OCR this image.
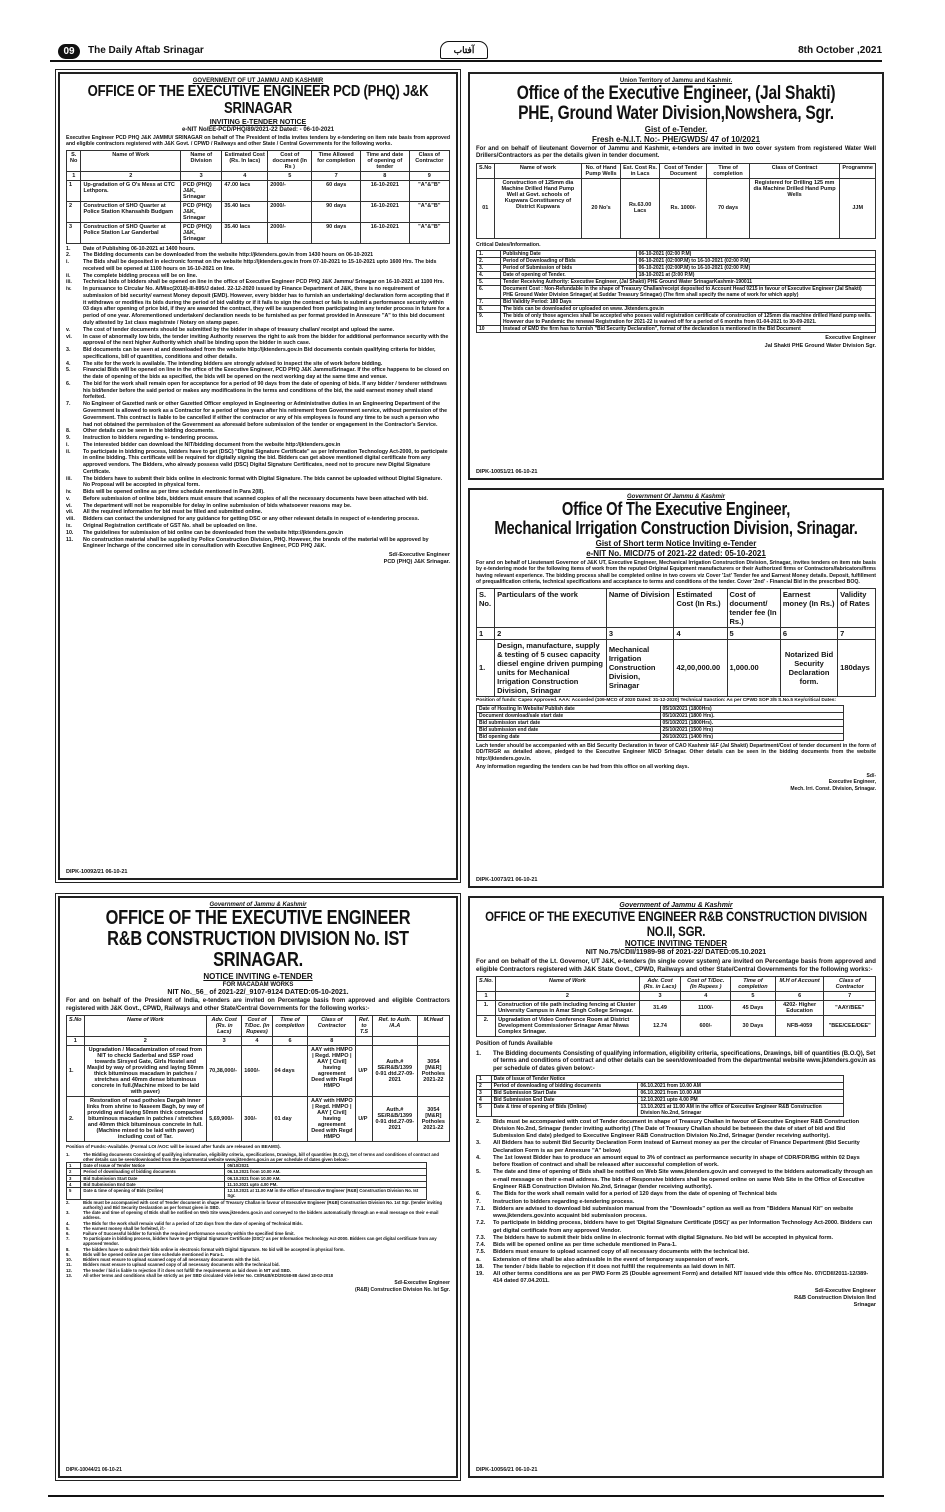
09	The Daily Aftab Srinagar	آفتاب	8th October ,2021
GOVERNMENT OF UT JAMMU AND KASHMIR
OFFICE OF THE EXECUTIVE ENGINEER PCD (PHQ) J&K SRINAGAR
INVITING E-TENDER NOTICE
e-NIT No/EE-PCD/PHQ/89/2021-22 Dated: - 06-10-2021
Executive Engineer PCD PHQ J&K JAMMU/ SRINAGAR on behalf of The President of India invites tenders by e-tendering on item rate basis from approved and eligible contractors registered with J&K Govt. / CPWD / Railways and other State / Central Governments for the following works.
S. No	Name of Work	Name of Division	Estimated Cost (Rs. In lacs)	Cost of document (In Rs )	Time Allowed for completion	Time and date of opening of tender	Class of Contractor
1	2	3	4	5	7	8	9
1	Up-gradation of G O's Mess at CTC Lethpora.	PCD (PHQ) J&K, Srinagar	47.00 lacs	2000/-	60 days	16-10-2021	"A"&"B"
2	Construction of SHO Quarter at Police Station Khansahib Budgam	PCD (PHQ) J&K, Srinagar	35.40 lacs	2000/-	90 days	16-10-2021	"A"&"B"
3	Construction of SHO Quarter at Police Station Lar Ganderbal	PCD (PHQ) J&K, Srinagar	35.40 lacs	2000/-	90 days	16-10-2021	"A"&"B"
1.	Date of Publishing 06-10-2021 at 1400 hours.
2.	The Bidding documents can be downloaded from the website http://jktenders.gov.in from 1430 hours on 06-10-2021
i.	The Bids shall be deposited in electronic format on the website http://jktenders.gov.in from 07-10-2021 to 15-10-2021 upto 1600 Hrs. The bids received will be opened at 1100 hours on 16-10-2021 on line.
ii.	The complete bidding process will be on line.
iii.	Technical bids of bidders shall be opened on line in the office of Executive Engineer PCD PHQ J&K Jammu/ Srinagar on 16-10-2021 at 1100 Hrs.
iv.	In pursuance to Circular No. A/Misc(2018)-III-895/J dated. 22-12-2020 issued by Finance Department of J&K, there is no requirement of submission of bid security/ earnest Money deposit (EMD). However, every bidder has to furnish an undertaking/ declaration form accepting that if it withdraws or modifies its bids during the period of bid validity or if it fails to sign the contract or fails to submit a performance security within 03 days after opening of price bid, if they are awarded the contract, they will be suspended from participating in any tender process in future for a period of one year. Aforementioned undertaken/ declaration needs to be furnished as per format provided in Annexure "A" to this bid document duly attested by 1st class magistrate / Notary on stamp paper.
v.	The cost of tender documents should be submitted by the bidder in shape of treasury challan/ receipt and upload the same.
vi.	In case of abnormally low bids, the tender inviting Authority reserves the right to ask from the bidder for additional performance security with the approval of the next higher Authority which shall be binding upon the bidder in such case.
3.	Bid documents can be seen at and downloaded from the website http://jktenders.gov.in Bid documents contain qualifying criteria for bidder, specifications, bill of quantities, conditions and other details.
4.	The site for the work is available. The intending bidders are strongly advised to inspect the site of work before bidding.
5.	Financial Bids will be opened on line in the office of the Executive Engineer, PCD PHQ J&K Jammu/Srinagar. If the office happens to be closed on the date of opening of the bids as specified, the bids will be opened on the next working day at the same time and venue.
6.	The bid for the work shall remain open for acceptance for a period of 90 days from the date of opening of bids. If any bidder / tenderer withdraws his bid/tender before the said period or makes any modifications in the terms and conditions of the bid, the said earnest money shall stand forfeited.
7.	No Engineer of Gazetted rank or other Gazetted Officer employed in Engineering or Administrative duties in an Engineering Department of the Government is allowed to work as a Contractor for a period of two years after his retirement from Government service, without permission of the Government. This contract is liable to be cancelled if either the contractor or any of his employees is found any time to be such a person who had not obtained the permission of the Government as aforesaid before submission of the tender or engagement in the Contractor's Service.
8.	Other details can be seen in the bidding documents.
9.	Instruction to bidders regarding e- tendering process.
i.	The interested bidder can download the NIT/bidding document from the website http://jktenders.gov.in
ii.	To participate in bidding process, bidders have to get (DSC) "Digital Signature Certificate" as per Information Technology Act-2000, to participate in online bidding. This certificate will be required for digitally signing the bid. Bidders can get above mentioned digital certificate from any approved vendors. The Bidders, who already possess valid (DSC) Digital Signature Certificates, need not to procure new Digital Signature Certificate.
iii.	The bidders have to submit their bids online in electronic format with Digital Signature. The bids cannot be uploaded without Digital Signature. No Proposal will be accepted in physical form.
iv.	Bids will be opened online as per time schedule mentioned in Para 2(III).
v.	Before submission of online bids, bidders must ensure that scanned copies of all the necessary documents have been attached with bid.
vi.	The department will not be responsible for delay in online submission of bids whatsoever reasons may be.
vii.	All the required information for bid must be filled and submitted online.
viii.	Bidders can contact the undersigned for any guidance for getting DSC or any other relevant details in respect of e-tendering process.
ix.	Original Registration certificate of GST No. shall be uploaded on line.
10.	The guidelines for submission of bid online can be downloaded from the website http://jktenders.gov.in
11.	No construction material shall be supplied by Police Construction Division, PHQ. However, the brands of the material will be approved by Engineer Incharge of the concerned site in consultation with Executive Engineer, PCD PHQ J&K.
Sd/-Executive Engineer
PCD (PHQ) J&K Srinagar.
DIPK-10092/21 06-10-21
Union Territory of Jammu and Kashmir.
Office of the Executive Engineer, (Jal Shakti)
PHE, Ground Water Division,Nowshera, Sgr.
Gist of e-Tender.
Fresh e-N.I.T. No:- PHE/GWDS/ 47 of 10/2021
For and on behalf of lieutenant Governor of Jammu and Kashmir, e-tenders are invited in two cover system from registered Water Well Drillers/Contractors as per the details given in tender document.
S.No	Name of work	No. of Hand Pump Wells	Est. Cost Rs. in Lacs	Cost of Tender Document	Time of completion	Class of Contract	Programme
01	Construction of 125mm dia Machine Drilled Hand Pump Well at Govt. schools of Kupwara Constituency of District Kupwara	20 No's	Rs.63.00 Lacs	Rs. 1000/-	70 days	Registered for Drilling 125 mm dia Machine Drilled Hand Pump Wells	JJM
Critical Dates/Information.
1.	Publishing Date	06-10-2021 (02:00 P.M)
2.	Period of Downloading of Bids	06-10-2021 (02:00P.M) to 16-10-2021 (02:00 P.M)
3.	Period of Submission of bids	06-10-2021 (02:00P.M) to 16-10-2021 (02:00 P.M)
4.	Date of opening of Tender.	18-10-2021 at (3:00 P.M)
5.	Tender Receiving Authority: Executive Engineer, (Jal Shakti) PHE Ground Water SrinagarKashmir-190011	
6.	Document Cost : Non-Refundable in the shape of Treasury Challan/receipt deposited to Account Head 0215 in favour of Executive Engineer (Jal Shakti) PHE Ground Water Division Srinagar( at Suddar Treasury Srinagar) (The firm shall specify the name of work for which apply)	
7.	Bid Validity Period: 180 Days	
8.	The bids can be downloaded or uploaded on www. Jktenders.gov.in	
9.	The bids of only those agencies shall be accepted who posses valid registration certificate of construction of 125mm dia machine drilled Hand pump wells. However due to Pandemic the renewal Registration for 2021-22 is waived off for a period of 6 months from 01-04-2021 to 30-09-2021.	
10	Instead of EMD the firm has to furnish "Bid Security Declaration", format of the declaration is mentioned in the Bid Document	
Executive Engineer
Jal Shakti PHE Ground Water Division Sgr.
DIPK-10051/21 06-10-21
Government Of Jammu & Kashmir
Office Of The Executive Engineer,
Mechanical Irrigation Construction Division, Srinagar.
Gist of Short term Notice Inviting e-Tender
e-NIT No. MICD/75 of 2021-22 dated: 05-10-2021
For and on behalf of Lieutenant Governor of J&K UT, Executive Engineer, Mechanical Irrigation Construction Division, Srinagar, invites tenders on item rate basis by e-tendering mode for the following items of work from the reputed Original Equipment manufacturers or their Authorized firms or Contractors/fabricators/firms having relevant experience. The bidding process shall be completed online in two covers viz Cover '1st' Tender fee and Earnest Money details. Deposit, fulfillment of prequalification criteria, technical specifications and acceptance to terms and conditions of the tender. Cover '2nd' - Financial Bid in the prescribed BOQ.
S. No.	Particulars of the work	Name of Division	Estimated Cost (In Rs.)	Cost of document/ tender fee (In Rs.)	Earnest money (In Rs.)	Validity of Rates
1	2	3	4	5	6	7
1.	Design, manufacture, supply & testing of 5 cusec capacity diesel engine driven pumping units for Mechanical Irrigation Construction Division, Srinagar	Mechanical Irrigation Construction Division, Srinagar	42,00,000.00	1,000.00	Notarized Bid Security Declaration form.	180days
Position of funds: Capex Approved. AAA: Accorded (109-MCO of 2020 Dated: 31-12-2020) Technical Sanction: As per CPWD SOP 3/5 S.No.5 Key/critical Dates:
Date of Hosting In Website/ Publish date	05/10/2021 (1800Hrs)
Document download/sale start date	05/10/2021 (1800 Hrs).
Bid submission start date	05/10/2021 (1800Hrs).
Bid submission end date	25/10/2021 (1500 Hrs)
Bid opening date	26/10/2021 (1400 Hrs)
Lach tender should be accompanied with an Bid Security Declaration in favor of CAO Kashmir I&F (Jal Shakti) Department/Cost of tender document in the form of DD/TR/GR as detailed above, pledged to the Executive Engineer MICD Srinagar. Other details can be seen in the bidding documents from the website http://jktenders.gov.in.
Any information regarding the tenders can be had from this office on all working days.
Sd/-
Executive Engineer,
Mech. Irri. Const. Division, Srinagar.
DIPK-10073/21 06-10-21
Government of Jammu & Kashmir
OFFICE OF THE EXECUTIVE ENGINEER
R&B CONSTRUCTION DIVISION No. IST SRINAGAR.
NOTICE INVITING e-TENDER
FOR MACADAM WORKS
NIT No._56_ of 2021-22/_9107-9124 DATED:05-10-2021.
For and on behalf of the President of India, e-tenders are invited on Percentage basis from approved and eligible Contractors registered with J&K Govt., CPWD, Railways and other State/Central Governments for the following works:-
S.No	Name of Work	Adv. Cost (Rs. in Lacs)	Cost of T/Doc. (in Rupees)	Time of completion	Class of Contractor	Ref. to T.S	Ref. to Auth. /A.A	M.Head
1	2	3	4	6	8			
1.	Upgradation / Macadamization of road from NIT to checki Saderbal and SSP road towards Sirsyed Gate, Girls Hostel and Masjid by way of providing and laying 50mm thick bituminous macadam in patches / stretches and 40mm dense bituminous concrete in full.(Machine mixed to be laid with paver)	70,38,000/-	1600/-	04 days	AAY with HMPO | Regd. HMPO | AAY [ Civil] having agreement Deed with Regd HMPO	U/P	Auth.# SE/R&B/1399 0-91 dtd.27-09-2021	3054 [M&R] Potholes 2021-22
2.	Restoration of road potholes Dargah inner links from shrine to Naseem Bagh, by way of providing and laying 50mm thick compacted bituminous macadam in patches / stretches and 40mm thick bituminous concrete in full.(Machine mixed to be laid with paver) including cost of Tar.	5,69,900/-	300/-	01 day	AAY with HMPO | Regd. HMPO | AAY [ Civil] having agreement Deed with Regd HMPO	U/P	Auth.# SE/R&B/1399 0-91 dtd.27-09-2021	3054 [M&R] Potholes 2021-22
Position of Funds:-Available. (Formal LOI /AOC will be issued after funds are released on BEAMS).
1.	The Bidding documents Consisting of qualifying information, eligibility criteria, specifications, Drawings, bill of quantities (B.O.Q), Set of terms and conditions of contract and other details can be seen/downloaded from the departmental website www.jktenders.gov.in as per schedule of dates given below:-
1	Date of Issue of Tender Notice	05/10/2021
2	Period of downloading of bidding documents	06.10.2021 from 10.00 AM.
3	Bid Submission Start Date	06.10.2021 from 10.00 AM.
4	Bid Submission End Date	11.10.2021 upto 4.00 PM.
5	Date & time of opening of Bids (Online)	12.10.2021 at 11.00 AM in the office of Executive Engineer (R&B) Construction Division No. Ist Sgr.
2.	Bids must be accompanied with cost of Tender document in shape of Treasury Challan in favour of Executive Engineer (R&B) Construction Division No. 1st Sgr. (tender inviting authority) and Bid Security Declaration as per format given in SBD.
3.	The date and time of opening of Bids shall be notified on Web Site www.jktenders.gov.in and conveyed to the bidders automatically through an e-mail message on their e-mail address.
4.	The Bids for the work shall remain valid for a period of 120 days from the date of opening of Technical Bids.
5.	The earnest money shall be forfeited, if:-
6.	Failure of Successful bidder to furnish the required performance security within the specified time limit.
7.	To participate in bidding process, bidders have to get 'Digital Signature Certificate (DSC)' as per Information Technology Act-2000. Bidders can get digital certificate from any approved Vendor.
8.	The bidders have to submit their bids online in electronic format with Digital Signature. No bid will be accepted in physical form.
9.	Bids will be opened online as per time schedule mentioned in Para-1.
10.	Bidders must ensure to upload scanned copy of all necessary documents with the bid.
11.	Bidders must ensure to upload scanned copy of all necessary documents with the technical bid.
12.	The tender / bid is liable to rejection if it does not fulfill the requirements as laid down in NIT and SBD.
13.	All other terms and conditions shall be strictly as per SBD circulated vide letter No. CE/R&B/KD/29158-88 dated 18-02-2018
Sd/-Executive Engineer
(R&B) Construction Division No. Ist Sgr.
DIPK-10044/21 06-10-21
Government of Jammu & Kashmir
OFFICE OF THE EXECUTIVE ENGINEER R&B CONSTRUCTION DIVISION NO.II, SGR.
NOTICE INVITING TENDER
NIT No.75/CDII/11989-98 of 2021-22/ DATED:05.10.2021
For and on behalf of the Lt. Governor, UT J&K, e-tenders (In single cover system) are invited on Percentage basis from approved and eligible Contractors registered with J&K State Govt., CPWD, Railways and other State/Central Governments for the following works:-
S.No.	Name of Work	Adv. Cost (Rs. in Lacs)	Cost of T/Doc. (In Rupees )	Time of completion	M.H of Account	Class of Contractor
1	2	3	4	5	6	7
1.	Construction of tile path including fencing at Cluster University Campus in Amar Singh College Srinagar.	31.49	1100/-	45 Days	4202- Higher Education	"AAY/BEE"
2.	Upgradation of Video Conference Room at District Development Commissioner Srinagar Amar Niwas Complex Srinagar.	12.74	600/-	30 Days	NFB-4059	"BEE/CEE/DEE"
Position of funds Available
1.	The Bidding documents Consisting of qualifying information, eligibility criteria, specifications, Drawings, bill of quantities (B.O.Q), Set of terms and conditions of contract and other details can be seen/downloaded from the departmental website www.jktenders.gov.in as per schedule of dates given below:-
1	Date of Issue of Tender Notice	
2	Period of downloading of bidding documents	06.10.2021 from 10.00 AM
3	Bid Submission Start Date	06.10.2021 from 10.00 AM
4	Bid Submission End Date	12.10.2021 upto 4.00 PM
5	Date & time of opening of Bids (Online)	13.10.2021 at 11.00 AM in the office of Executive Engineer R&B Construction Division No.2nd, Srinagar
2.	Bids must be accompanied with cost of Tender document in shape of Treasury Challan in favour of Executive Engineer R&B Construction Division No.2nd, Srinagar (tender inviting authority) (The Date of Treasury Challan should be between the date of start of bid and Bid Submission End date) pledged to Executive Engineer R&B Construction Division No.2nd, Srinagar (tender receiving authority).
3.	All Bidders has to submit Bid Security Declaration Form instead of Earnest money as per the circular of Finance Department (Bid Security Declaration Form is as per Annexure "A" below)
4.	The 1st lowest Bidder has to produce an amount equal to 3% of contract as performance security in shape of CDR/FDR/BG within 02 Days before fixation of contract and shall be released after successful completion of work.
5.	The date and time of opening of Bids shall be notified on Web Site www.jktenders.gov.in and conveyed to the bidders automatically through an e-mail message on their e-mail address. The bids of Responsive bidders shall be opened online on same Web Site in the Office of Executive Engineer R&B Construction Division No.2nd, Srinagar (tender receiving authority).
6.	The Bids for the work shall remain valid for a period of 120 days from the date of opening of Technical bids
7.	Instruction to bidders regarding e-tendering process.
7.1.	Bidders are advised to download bid submission manual from the "Downloads" option as well as from "Bidders Manual Kit" on website www.jktenders.gov.into acquaint bid submission process.
7.2.	To participate in bidding process, bidders have to get 'Digital Signature Certificate (DSC)' as per Information Technology Act-2000. Bidders can get digital certificate from any approved Vendor.
7.3.	The bidders have to submit their bids online in electronic format with digital Signature. No bid will be accepted in physical form.
7.4.	Bids will be opened online as per time schedule mentioned in Para-1.
7.5.	Bidders must ensure to upload scanned copy of all necessary documents with the technical bid.
a.	Extension of time shall be also admissible in the event of temporary suspension of work.
18.	The tender / bids liable to rejection if it does not fulfill the requirements as laid down in NIT.
19.	All other terms conditions are as per PWD Form 25 (Double agreement Form) and detailed NIT issued vide this office No. 07/CDII/2011-12/389-414 dated 07.04.2011.
Sd/-Executive Engineer
R&B Construction Division IInd
Srinagar
DIPK-10056/21 06-10-21
